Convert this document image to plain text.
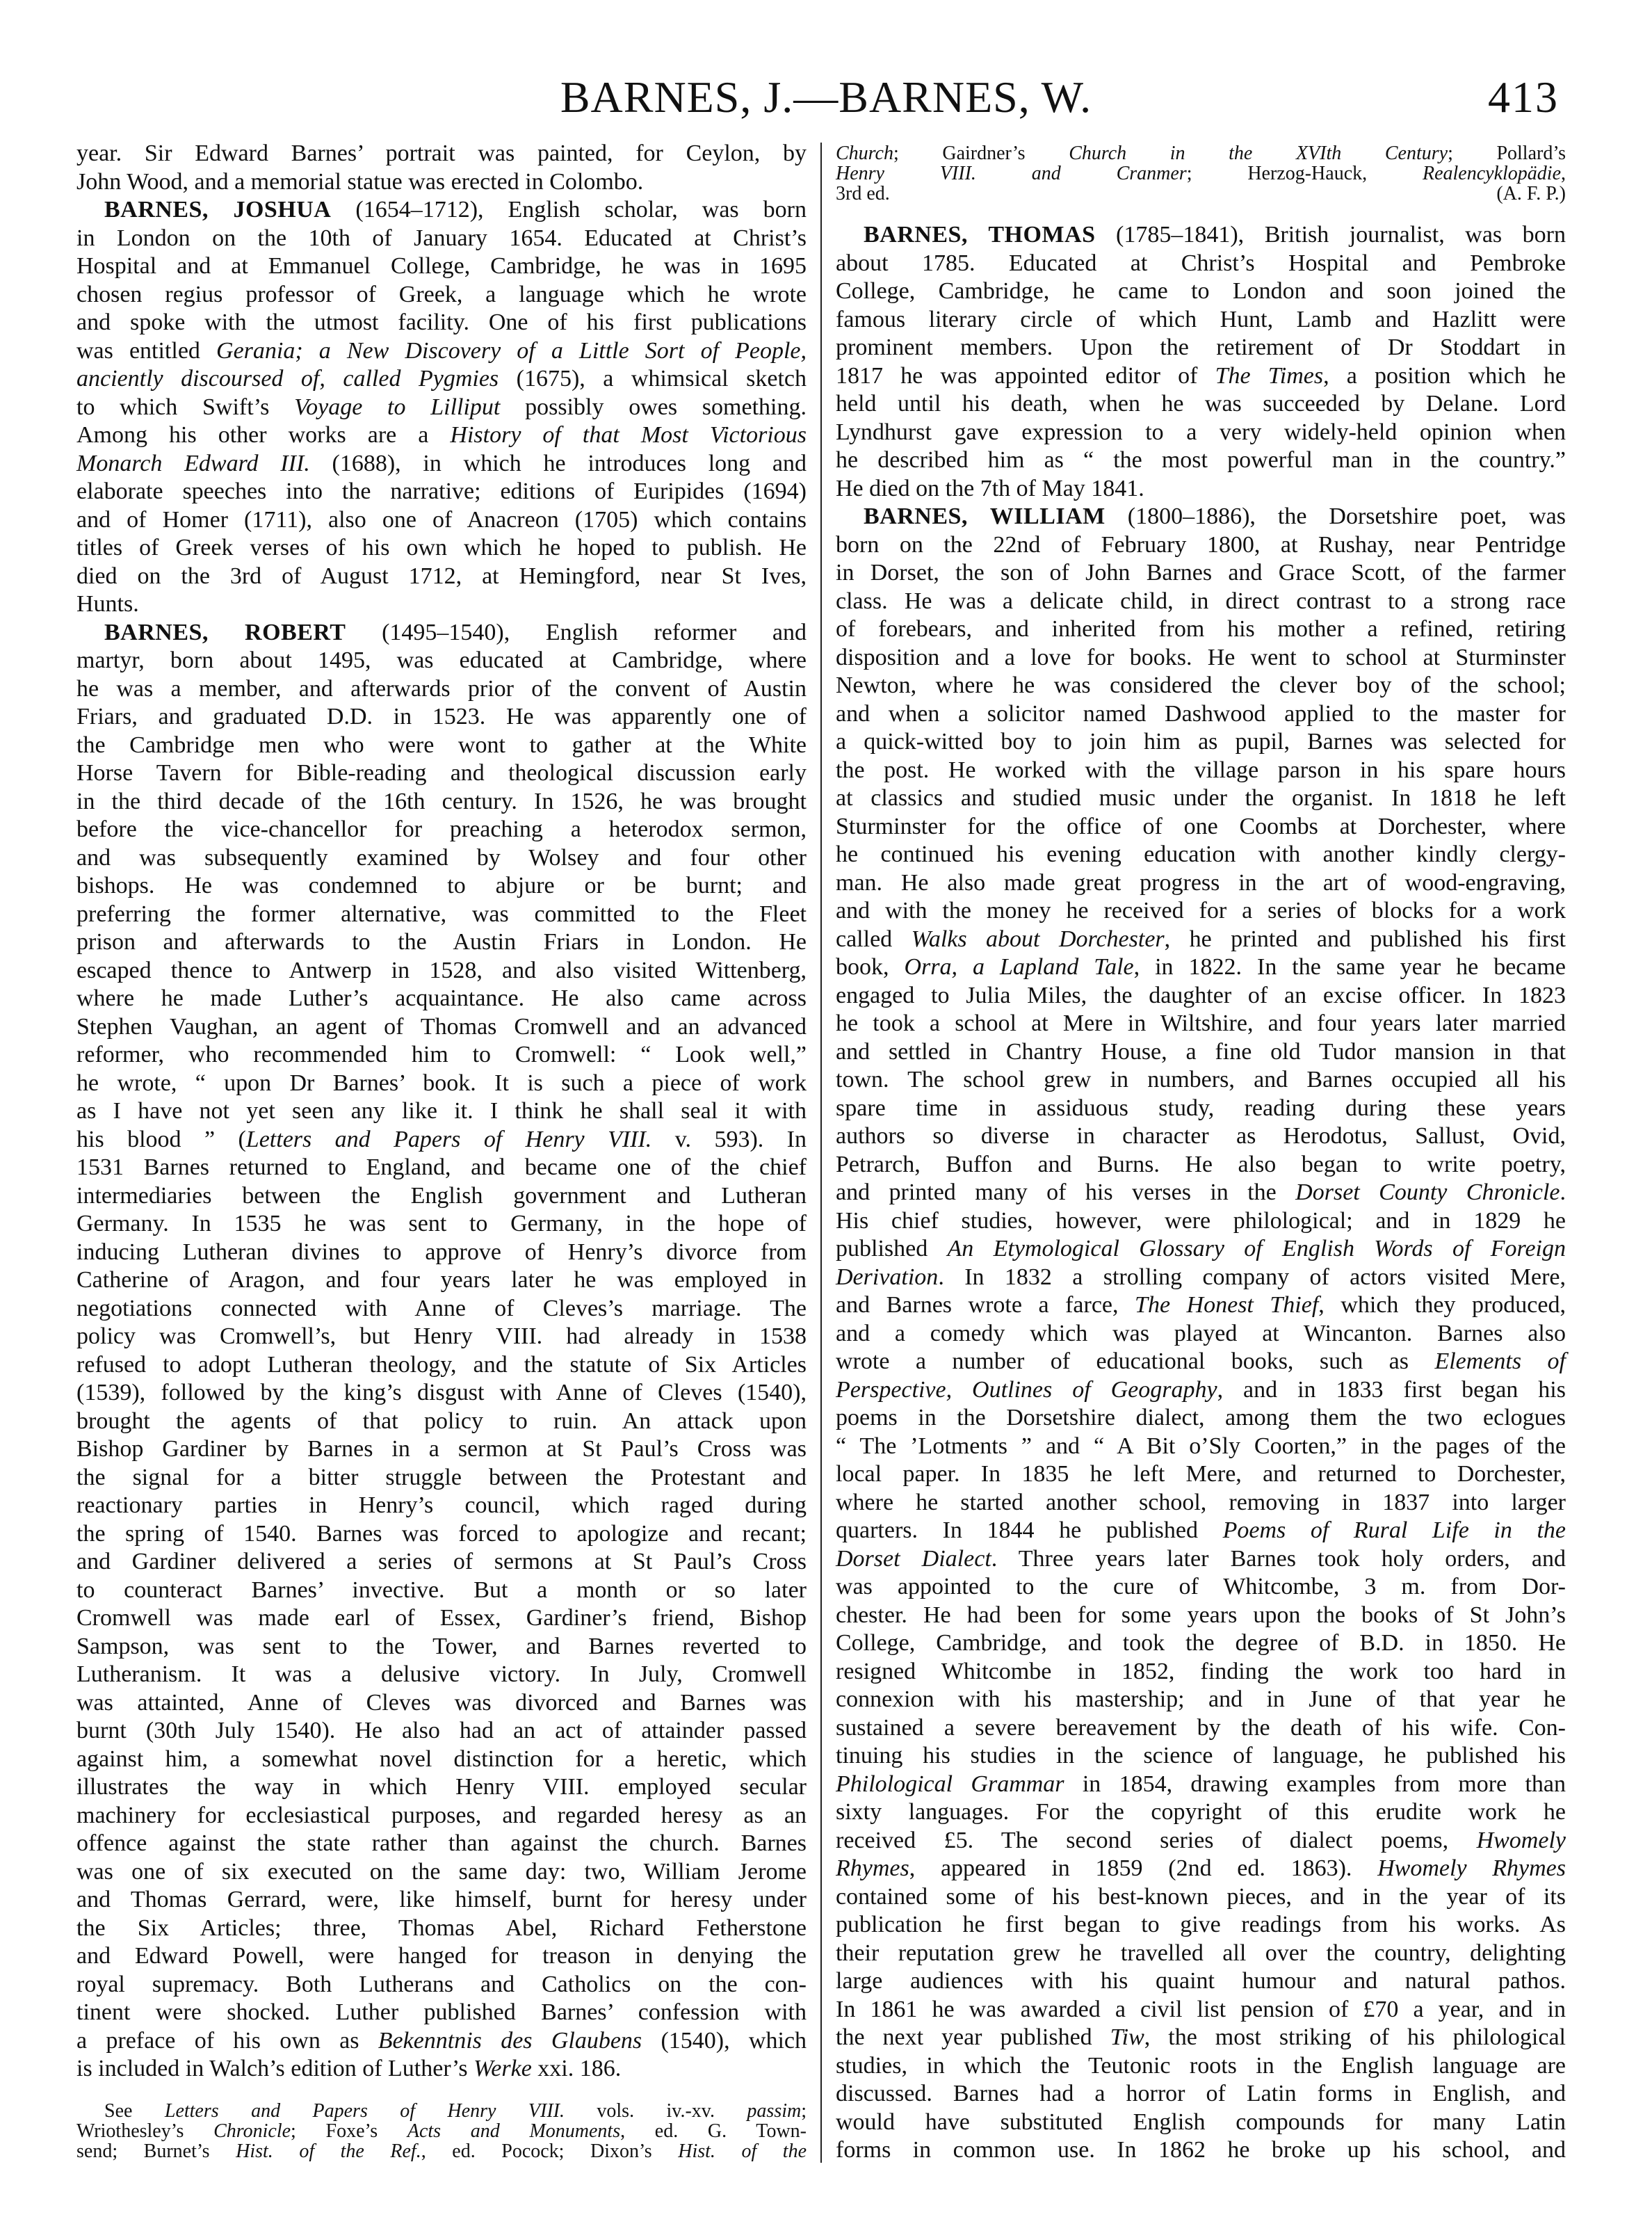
BARNES, J.—BARNES, W.	413
year. Sir Edward Barnes’ portrait was painted, for Ceylon, by
John Wood, and a memorial statue was erected in Colombo.
BARNES, JOSHUA (1654–1712), English scholar, was born
in London on the 10th of January 1654. Educated at Christ’s
Hospital and at Emmanuel College, Cambridge, he was in 1695
chosen regius professor of Greek, a language which he wrote
and spoke with the utmost facility. One of his first publications
was entitled Gerania; a New Discovery of a Little Sort of People,
anciently discoursed of, called Pygmies (1675), a whimsical sketch
to which Swift’s Voyage to Lilliput possibly owes something.
Among his other works are a History of that Most Victorious
Monarch Edward III. (1688), in which he introduces long and
elaborate speeches into the narrative; editions of Euripides (1694)
and of Homer (1711), also one of Anacreon (1705) which contains
titles of Greek verses of his own which he hoped to publish. He
died on the 3rd of August 1712, at Hemingford, near St Ives,
Hunts.
BARNES, ROBERT (1495–1540), English reformer and
martyr, born about 1495, was educated at Cambridge, where
he was a member, and afterwards prior of the convent of Austin
Friars, and graduated D.D. in 1523. He was apparently one of
the Cambridge men who were wont to gather at the White
Horse Tavern for Bible-reading and theological discussion early
in the third decade of the 16th century. In 1526, he was brought
before the vice-chancellor for preaching a heterodox sermon,
and was subsequently examined by Wolsey and four other
bishops. He was condemned to abjure or be burnt; and
preferring the former alternative, was committed to the Fleet
prison and afterwards to the Austin Friars in London. He
escaped thence to Antwerp in 1528, and also visited Wittenberg,
where he made Luther’s acquaintance. He also came across
Stephen Vaughan, an agent of Thomas Cromwell and an advanced
reformer, who recommended him to Cromwell: “ Look well,”
he wrote, “ upon Dr Barnes’ book. It is such a piece of work
as I have not yet seen any like it. I think he shall seal it with
his blood ” (Letters and Papers of Henry VIII. v. 593). In
1531 Barnes returned to England, and became one of the chief
intermediaries between the English government and Lutheran
Germany. In 1535 he was sent to Germany, in the hope of
inducing Lutheran divines to approve of Henry’s divorce from
Catherine of Aragon, and four years later he was employed in
negotiations connected with Anne of Cleves’s marriage. The
policy was Cromwell’s, but Henry VIII. had already in 1538
refused to adopt Lutheran theology, and the statute of Six Articles
(1539), followed by the king’s disgust with Anne of Cleves (1540),
brought the agents of that policy to ruin. An attack upon
Bishop Gardiner by Barnes in a sermon at St Paul’s Cross was
the signal for a bitter struggle between the Protestant and
reactionary parties in Henry’s council, which raged during
the spring of 1540. Barnes was forced to apologize and recant;
and Gardiner delivered a series of sermons at St Paul’s Cross
to counteract Barnes’ invective. But a month or so later
Cromwell was made earl of Essex, Gardiner’s friend, Bishop
Sampson, was sent to the Tower, and Barnes reverted to
Lutheranism. It was a delusive victory. In July, Cromwell
was attainted, Anne of Cleves was divorced and Barnes was
burnt (30th July 1540). He also had an act of attainder passed
against him, a somewhat novel distinction for a heretic, which
illustrates the way in which Henry VIII. employed secular
machinery for ecclesiastical purposes, and regarded heresy as an
offence against the state rather than against the church. Barnes
was one of six executed on the same day: two, William Jerome
and Thomas Gerrard, were, like himself, burnt for heresy under
the Six Articles; three, Thomas Abel, Richard Fetherstone
and Edward Powell, were hanged for treason in denying the
royal supremacy. Both Lutherans and Catholics on the con-
tinent were shocked. Luther published Barnes’ confession with
a preface of his own as Bekenntnis des Glaubens (1540), which
is included in Walch’s edition of Luther’s Werke xxi. 186.
See Letters and Papers of Henry VIII. vols. iv.-xv. passim;
Wriothesley’s Chronicle; Foxe’s Acts and Monuments, ed. G. Town-
send; Burnet’s Hist. of the Ref., ed. Pocock; Dixon’s Hist. of the
Church; Gairdner’s Church in the XVIth Century; Pollard’s
Henry VIII. and Cranmer; Herzog-Hauck, Realencyklopädie,
(A. F. P.)
3rd ed.
BARNES, THOMAS (1785–1841), British journalist, was born
about 1785. Educated at Christ’s Hospital and Pembroke
College, Cambridge, he came to London and soon joined the
famous literary circle of which Hunt, Lamb and Hazlitt were
prominent members. Upon the retirement of Dr Stoddart in
1817 he was appointed editor of The Times, a position which he
held until his death, when he was succeeded by Delane. Lord
Lyndhurst gave expression to a very widely-held opinion when
he described him as “ the most powerful man in the country.”
He died on the 7th of May 1841.
BARNES, WILLIAM (1800–1886), the Dorsetshire poet, was
born on the 22nd of February 1800, at Rushay, near Pentridge
in Dorset, the son of John Barnes and Grace Scott, of the farmer
class. He was a delicate child, in direct contrast to a strong race
of forebears, and inherited from his mother a refined, retiring
disposition and a love for books. He went to school at Sturminster
Newton, where he was considered the clever boy of the school;
and when a solicitor named Dashwood applied to the master for
a quick-witted boy to join him as pupil, Barnes was selected for
the post. He worked with the village parson in his spare hours
at classics and studied music under the organist. In 1818 he left
Sturminster for the office of one Coombs at Dorchester, where
he continued his evening education with another kindly clergy-
man. He also made great progress in the art of wood-engraving,
and with the money he received for a series of blocks for a work
called Walks about Dorchester, he printed and published his first
book, Orra, a Lapland Tale, in 1822. In the same year he became
engaged to Julia Miles, the daughter of an excise officer. In 1823
he took a school at Mere in Wiltshire, and four years later married
and settled in Chantry House, a fine old Tudor mansion in that
town. The school grew in numbers, and Barnes occupied all his
spare time in assiduous study, reading during these years
authors so diverse in character as Herodotus, Sallust, Ovid,
Petrarch, Buffon and Burns. He also began to write poetry,
and printed many of his verses in the Dorset County Chronicle.
His chief studies, however, were philological; and in 1829 he
published An Etymological Glossary of English Words of Foreign
Derivation. In 1832 a strolling company of actors visited Mere,
and Barnes wrote a farce, The Honest Thief, which they produced,
and a comedy which was played at Wincanton. Barnes also
wrote a number of educational books, such as Elements of
Perspective, Outlines of Geography, and in 1833 first began his
poems in the Dorsetshire dialect, among them the two eclogues
“ The ’Lotments ” and “ A Bit o’Sly Coorten,” in the pages of the
local paper. In 1835 he left Mere, and returned to Dorchester,
where he started another school, removing in 1837 into larger
quarters. In 1844 he published Poems of Rural Life in the
Dorset Dialect. Three years later Barnes took holy orders, and
was appointed to the cure of Whitcombe, 3 m. from Dor-
chester. He had been for some years upon the books of St John’s
College, Cambridge, and took the degree of B.D. in 1850. He
resigned Whitcombe in 1852, finding the work too hard in
connexion with his mastership; and in June of that year he
sustained a severe bereavement by the death of his wife. Con-
tinuing his studies in the science of language, he published his
Philological Grammar in 1854, drawing examples from more than
sixty languages. For the copyright of this erudite work he
received £5. The second series of dialect poems, Hwomely
Rhymes, appeared in 1859 (2nd ed. 1863). Hwomely Rhymes
contained some of his best-known pieces, and in the year of its
publication he first began to give readings from his works. As
their reputation grew he travelled all over the country, delighting
large audiences with his quaint humour and natural pathos.
In 1861 he was awarded a civil list pension of £70 a year, and in
the next year published Tiw, the most striking of his philological
studies, in which the Teutonic roots in the English language are
discussed. Barnes had a horror of Latin forms in English, and
would have substituted English compounds for many Latin
forms in common use. In 1862 he broke up his school, and
